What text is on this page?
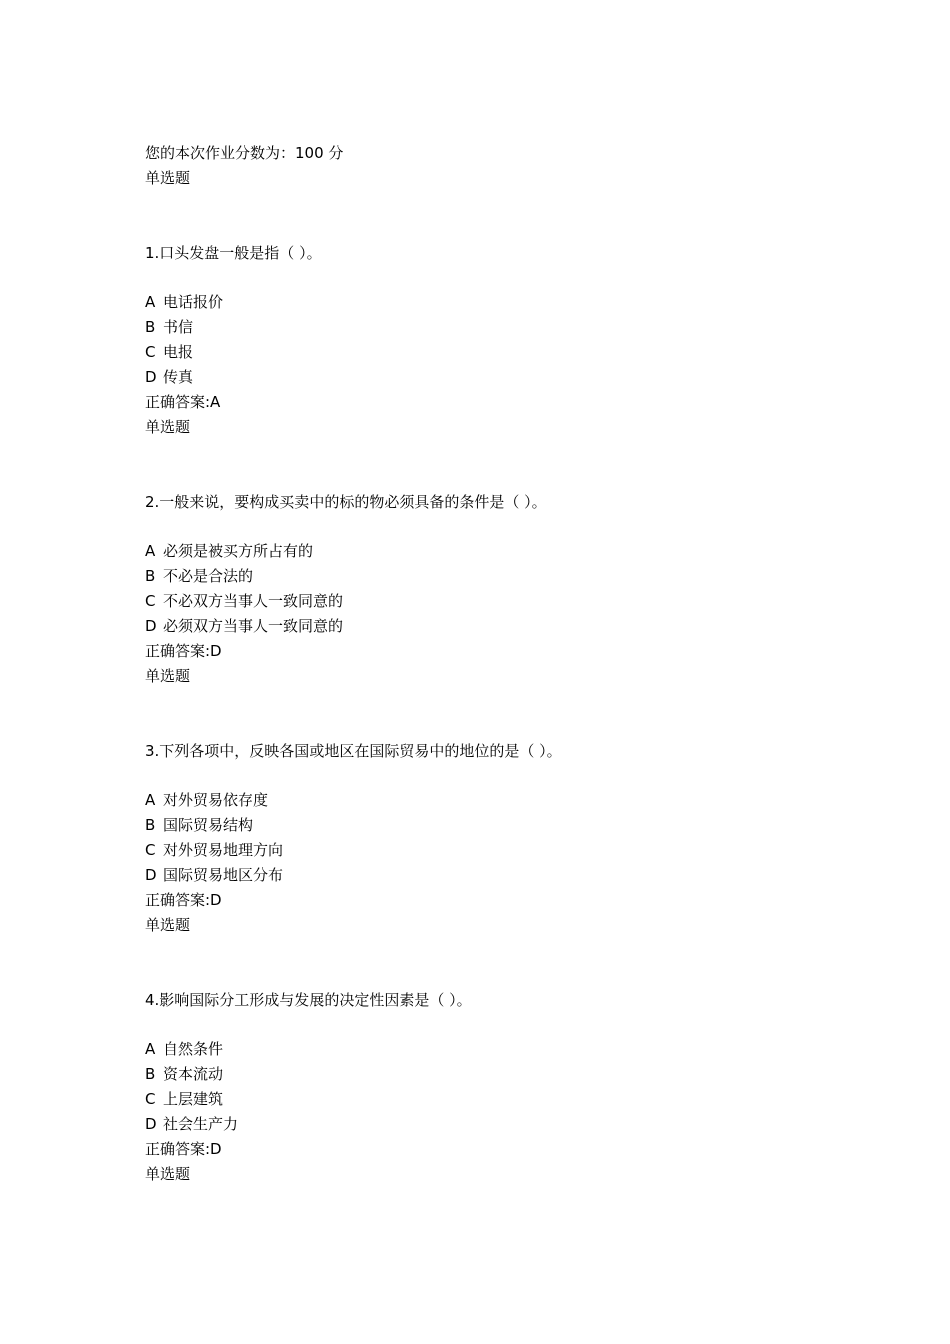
您的本次作业分数为：100 分
单选题
1.口头发盘一般是指（ ）。
A 电话报价
B 书信
C 电报
D 传真
正确答案:A
单选题
2.一般来说，要构成买卖中的标的物必须具备的条件是（ ）。
A 必须是被买方所占有的
B 不必是合法的
C 不必双方当事人一致同意的
D 必须双方当事人一致同意的
正确答案:D
单选题
3.下列各项中，反映各国或地区在国际贸易中的地位的是（ ）。
A 对外贸易依存度
B 国际贸易结构
C 对外贸易地理方向
D 国际贸易地区分布
正确答案:D
单选题
4.影响国际分工形成与发展的决定性因素是（ ）。
A 自然条件
B 资本流动
C 上层建筑
D 社会生产力
正确答案:D
单选题
